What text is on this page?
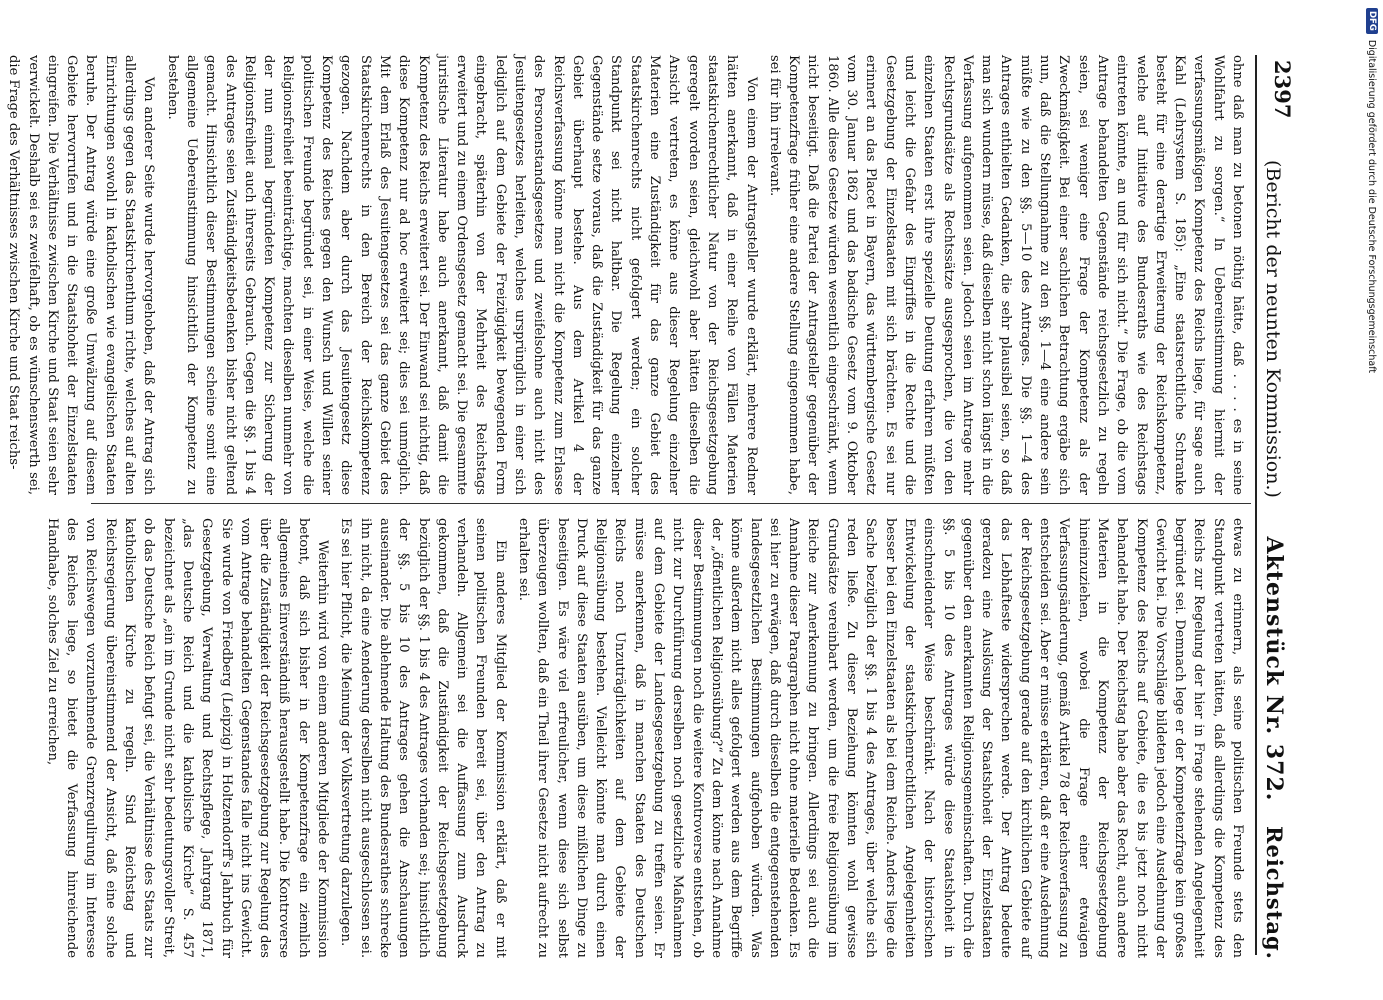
2397
(Bericht der neunten Kommission.)
Aktenstück Nr. 372.
Reichstag.

ohne daß man zu betonen nöthig hätte, daß . . . . es in seine Wohlfahrt zu sorgen.“ In Uebereinstimmung hiermit der verfassungsmäßigen Kompetenz des Reichs liege, für sage auch Kahl (Lehrsystem S. 185): „Eine staatsrechtliche Schranke besteht für eine derartige Erweiterung der Reichskompetenz, welche auf Initiative des Bundesraths wie des Reichstags eintreten könnte, an und für sich nicht.“ Die Frage, ob die vom Antrage behandelten Gegenstände reichsgesetzlich zu regeln seien, sei weniger eine Frage der Kompetenz als der Zweckmäßigkeit. Bei einer sachlichen Betrachtung ergäbe sich nun, daß die Stellungnahme zu den §§. 1—4 eine andere sein müßte wie zu den §§. 5—10 des Antrages. Die §§. 1—4 des Antrages enthielten Gedanken, die sehr plausibel seien, so daß man sich wundern müsse, daß dieselben nicht schon längst in die Verfassung aufgenommen seien. Jedoch seien im Antrage mehr Rechtsgrundsätze als Rechtssätze ausgesprochen, die von den einzelnen Staaten erst ihre spezielle Deutung erfahren müßten und leicht die Gefahr des Eingriffes in die Rechte und die Gesetzgebung der Einzelstaaten mit sich brächten. Es sei nur erinnert an das Placet in Bayern, das württembergische Gesetz vom 30. Januar 1862 und das badische Gesetz vom 9. Oktober 1860. Alle diese Gesetze würden wesentlich eingeschränkt, wenn nicht beseitigt. Daß die Partei der Antragsteller gegenüber der Kompetenzfrage früher eine andere Stellung eingenommen habe, sei für ihn irrelevant.

Von einem der Antragsteller wurde erklärt, mehrere Redner hätten anerkannt, daß in einer Reihe von Fällen Materien staatskirchenrechtlicher Natur von der Reichsgesetzgebung geregelt worden seien, gleichwohl aber hätten dieselben die Ansicht vertreten, es könne aus dieser Regelung einzelner Materien eine Zuständigkeit für das ganze Gebiet des Staatskirchenrechts nicht gefolgert werden; ein solcher Standpunkt sei nicht haltbar. Die Regelung einzelner Gegenstände setze voraus, daß die Zuständigkeit für das ganze Gebiet überhaupt bestehe. Aus dem Artikel 4 der Reichsverfassung könne man nicht die Kompetenz zum Erlasse des Personenstandsgesetzes und zweifelsohne auch nicht des Jesuitengesetzes herleiten, welches ursprünglich in einer sich lediglich auf dem Gebiete der Freizügigkeit bewegenden Form eingebracht, späterhin von der Mehrheit des Reichstags erweitert und zu einem Ordensgesetz gemacht sei. Die gesammte juristische Literatur habe auch anerkannt, daß damit die Kompetenz des Reichs erweitert sei. Der Einwand sei nichtig, daß diese Kompetenz nur ad hoc erweitert sei; dies sei unmöglich. Mit dem Erlaß des Jesuitengesetzes sei das ganze Gebiet des Staatskirchenrechts in den Bereich der Reichskompetenz gezogen. Nachdem aber durch das Jesuitengesetz diese Kompetenz des Reiches gegen den Wunsch und Willen seiner politischen Freunde begründet sei, in einer Weise, welche die Religionsfreiheit beeinträchtige, machten dieselben nunmehr von der nun einmal begründeten Kompetenz zur Sicherung der Religionsfreiheit auch ihrerseits Gebrauch. Gegen die §§. 1 bis 4 des Antrages seien Zuständigkeitsbedenken bisher nicht geltend gemacht. Hinsichtlich dieser Bestimmungen scheine somit eine allgemeine Uebereinstimmung hinsichtlich der Kompetenz zu bestehen.

Von anderer Seite wurde hervorgehoben, daß der Antrag sich allerdings gegen das Staatskirchenthum richte, welches auf alten Einrichtungen sowohl in katholischen wie evangelischen Staaten beruhe. Der Antrag würde eine große Umwälzung auf diesem Gebiete hervorrufen und in die Staatshoheit der Einzelstaaten eingreifen. Die Verhältnisse zwischen Kirche und Staat seien sehr verwickelt. Deshalb sei es zweifelhaft, ob es wünschenswerth sei, die Frage des Verhältnisses zwischen Kirche und Staat reichs-

etwas zu erinnern, als seine politischen Freunde stets den Standpunkt vertreten hätten, daß allerdings die Kompetenz des Reichs zur Regelung der hier in Frage stehenden Angelegenheit begründet sei. Demnach lege er der Kompetenzfrage kein großes Gewicht bei. Die Vorschläge bildeten jedoch eine Ausdehnung der Kompetenz des Reichs auf Gebiete, die es bis jetzt noch nicht behandelt habe. Der Reichstag habe aber das Recht, auch andere Materien in die Kompetenz der Reichsgesetzgebung hineinzuziehen, wobei die Frage einer etwaigen Verfassungsänderung, gemäß Artikel 78 der Reichsverfassung zu entscheiden sei. Aber er müsse erklären, daß er eine Ausdehnung der Reichsgesetzgebung gerade auf den kirchlichen Gebiete auf das Lebhafteste widersprechen werde. Der Antrag bedeute geradezu eine Auslösung der Staatshoheit der Einzelstaaten gegenüber den anerkannten Religionsgemeinschaften. Durch die §§. 5 bis 10 des Antrages würde diese Staatshoheit in einschneidender Weise beschränkt. Nach der historischen Entwickelung der staatskirchenrechtlichen Angelegenheiten besser bei den Einzelstaaten als bei dem Reiche. Anders liege die Sache bezüglich der §§. 1 bis 4 des Antrages, über welche sich reden ließe. Zu dieser Beziehung könnten wohl gewisse Grundsätze vereinbart werden, um die freie Religionsübung im Reiche zur Anerkennung zu bringen. Allerdings sei auch die Annahme dieser Paragraphen nicht ohne materielle Bedenken. Es sei hier zu erwägen, daß durch dieselben die entgegenstehenden landesgesetzlichen Bestimmungen aufgehoben würden. Was könne außerdem nicht alles gefolgert werden aus dem Begriffe der „öffentlichen Religionsübung?“ Zu dem könne nach Annahme dieser Bestimmungen noch die weitere Kontroverse entstehen, ob nicht zur Durchführung derselben noch gesetzliche Maßnahmen auf dem Gebiete der Landesgesetzgebung zu treffen seien. Er müsse anerkennen, daß in manchen Staaten des Deutschen Reichs noch Unzuträglichkeiten auf dem Gebiete der Religionsübung bestehen. Vielleicht könnte man durch einen Druck auf diese Staaten ausüben, um diese mißlichen Dinge zu beseitigen. Es wäre viel erfreulicher, wenn diese sich selbst überzeugen wollten, daß ein Theil ihrer Gesetze nicht aufrecht zu erhalten sei.

Ein anderes Mitglied der Kommission erklärt, daß er mit seinen politischen Freunden bereit sei, über den Antrag zu verhandeln. Allgemein sei die Auffassung zum Ausdruck gekommen, daß die Zuständigkeit der Reichsgesetzgebung bezüglich der §§. 1 bis 4 des Antrages vorhanden sei; hinsichtlich der §§. 5 bis 10 des Antrages gehen die Anschauungen auseinander. Die ablehnende Haltung des Bundesrathes schrecke ihn nicht, da eine Aenderung derselben nicht ausgeschlossen sei. Es sei hier Pflicht, die Meinung der Volksvertretung darzulegen.

Weiterhin wird von einem anderen Mitgliede der Kommission betont, daß sich bisher in der Kompetenzfrage ein ziemlich allgemeines Einverständniß herausgestellt habe. Die Kontroverse über die Zuständigkeit der Reichsgesetzgebung zur Regelung des vom Antrage behandelten Gegenstandes falle nicht ins Gewicht. Sie wurde von Friedberg (Leipzig) in Holtzendorff's Jahrbuch für Gesetzgebung, Verwaltung und Rechtspflege, Jahrgang 1871, „das Deutsche Reich und die katholische Kirche“ S. 457 bezeichnet als „ein im Grunde nicht sehr bedeutungsvoller Streit, ob das Deutsche Reich befugt sei, die Verhältnisse des Staats zur katholischen Kirche zu regeln. Sind Reichstag und Reichsregierung übereinstimmend der Ansicht, daß eine solche von Reichswegen vorzunehmende Grenzregulirung im Interesse des Reiches liege, so bietet die Verfassung hinreichende Handhabe, solches Ziel zu erreichen,

DFG
Digitalisierung gefördert durch die Deutsche Forschungsgemeinschaft
